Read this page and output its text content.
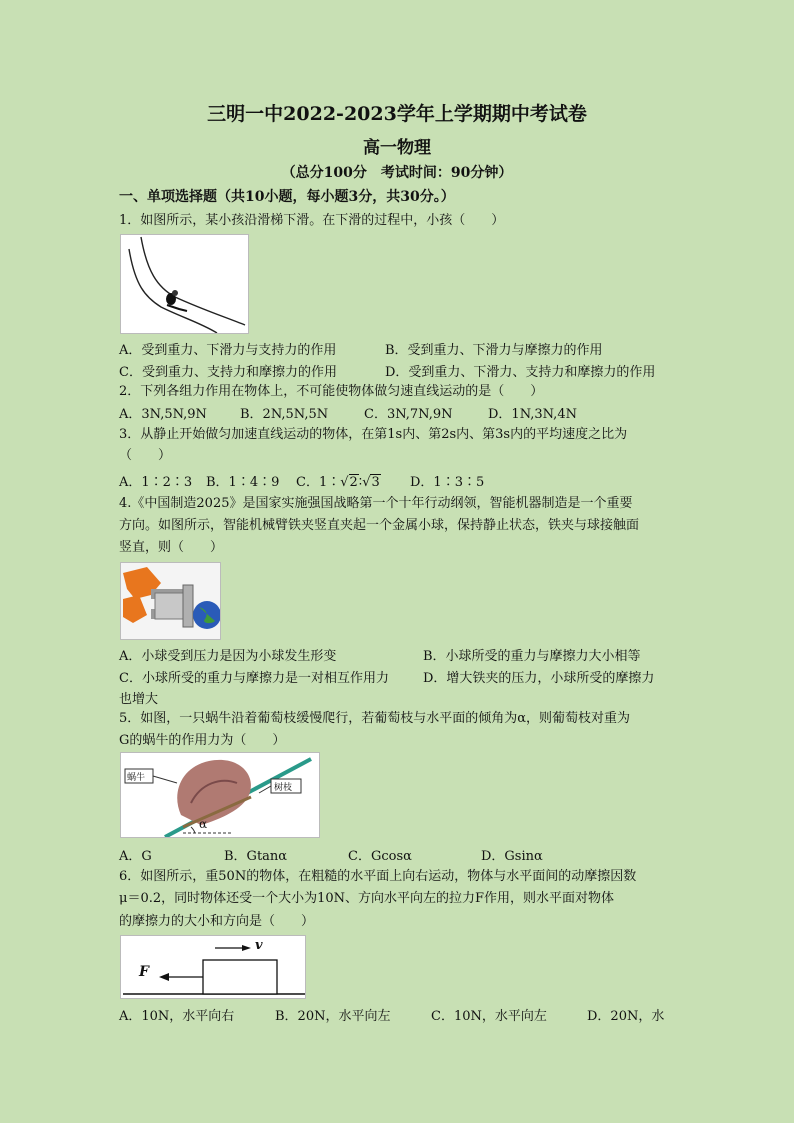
三明一中2022-2023学年上学期期中考试卷
高一物理
（总分100分　考试时间：90分钟）
一、单项选择题（共10小题，每小题3分，共30分。）
1．如图所示，某小孩沿滑梯下滑。在下滑的过程中，小孩（　　）
A．受到重力、下滑力与支持力的作用	B．受到重力、下滑力与摩擦力的作用
C．受到重力、支持力和摩擦力的作用	D．受到重力、下滑力、支持力和摩擦力的作用
2．下列各组力作用在物体上，不可能使物体做匀速直线运动的是（　　）
A．3N,5N,9N	B．2N,5N,5N	C．3N,7N,9N	D．1N,3N,4N
3．从静止开始做匀加速直线运动的物体，在第1s内、第2s内、第3s内的平均速度之比为
（　　）
A．1∶2∶3 B．1∶4∶9 C．1∶√2∶√3 D．1∶3∶5
4.《中国制造2025》是国家实施强国战略第一个十年行动纲领，智能机器制造是一个重要
方向。如图所示，智能机械臂铁夹竖直夹起一个金属小球，保持静止状态，铁夹与球接触面
竖直，则（　　）
A．小球受到压力是因为小球发生形变	B．小球所受的重力与摩擦力大小相等
C．小球所受的重力与摩擦力是一对相互作用力	D．增大铁夹的压力，小球所受的摩擦力
也增大
5．如图，一只蜗牛沿着葡萄枝缓慢爬行，若葡萄枝与水平面的倾角为α，则葡萄枝对重为
G的蜗牛的作用力为（　　）
蜗牛
树枝
α
A．G	B．Gtanα	C．Gcosα	D．Gsinα
6．如图所示，重50N的物体，在粗糙的水平面上向右运动，物体与水平面间的动摩擦因数
μ＝0.2，同时物体还受一个大小为10N、方向水平向左的拉力F作用，则水平面对物体
的摩擦力的大小和方向是（　　）
F
v
A．10N，水平向右	B．20N，水平向左	C．10N，水平向左	D．20N，水
